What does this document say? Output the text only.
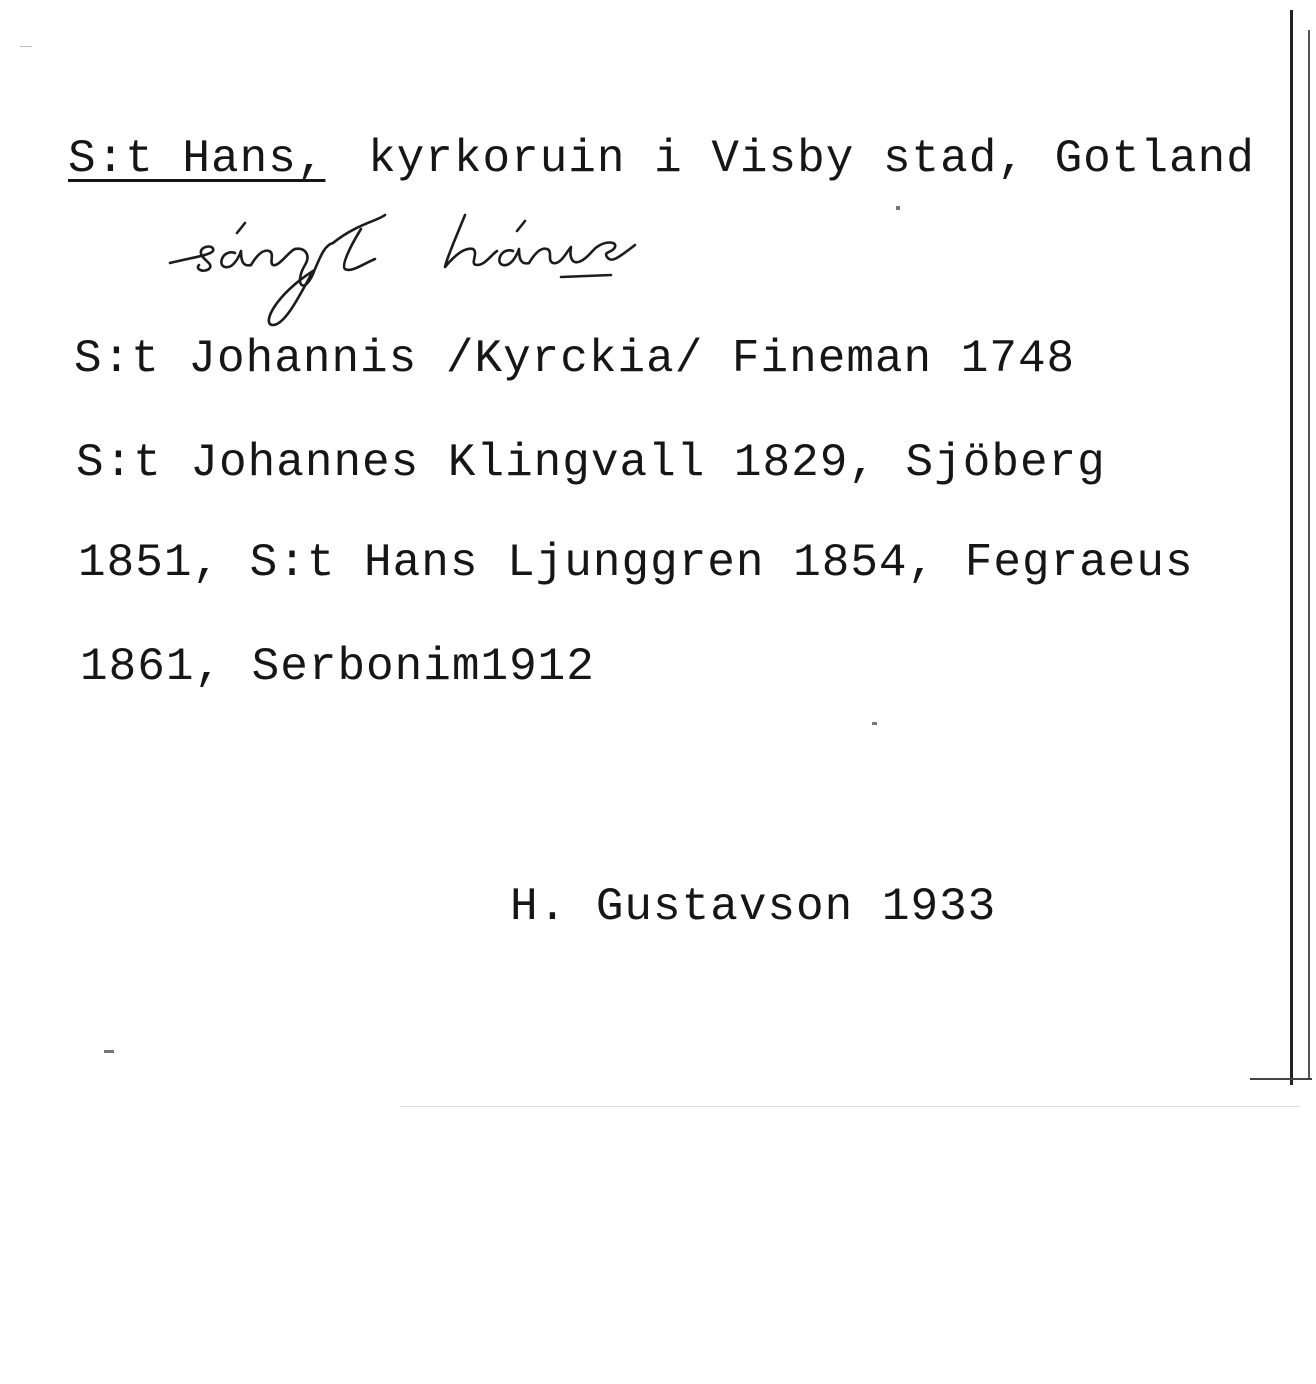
S:t Hans, kyrkoruin i Visby stad, Gotland
S:t Johannis /Kyrckia/ Fineman 1748
S:t Johannes Klingvall 1829, Sjöberg
1851, S:t Hans Ljunggren 1854, Fegraeus
1861, Serbonim1912
H. Gustavson 1933
